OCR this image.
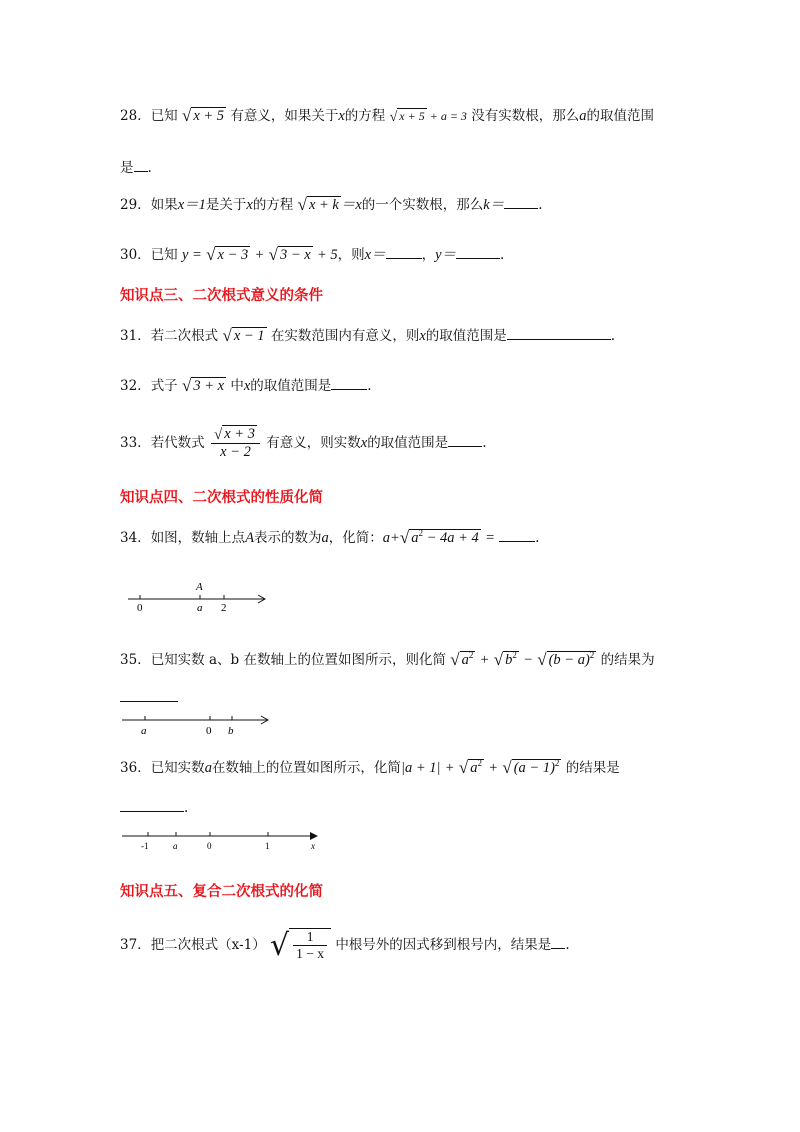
28．已知 √ x + 5 有意义，如果关于x的方程 √ x + 5 + a = 3 没有实数根，那么a的取值范围
是 .
29．如果x＝1是关于x的方程 √ x + k ＝x的一个实数根，那么k＝	.
30．已知 y = √ x − 3 + √ 3 − x + 5，则x＝	，y＝	.
知识点三、二次根式意义的条件
31．若二次根式 √ x − 1 在实数范围内有意义，则x的取值范围是	.
32．式子 √ 3 + x 中x的取值范围是	.
33．若代数式 $\frac{√ x + 3}{x - 2}$ 有意义，则实数x的取值范围是	.
知识点四、二次根式的性质化简
34．如图，数轴上点A表示的数为a，化简：a+√ $a^2 - 4a + 4$ =	.
A
0	a 2
35．已知实数 a、b 在数轴上的位置如图所示，则化简 √ $a^2$ + √ $b^2$ − √ $(b - a)^2$ 的结果为
a	0 b
36．已知实数a在数轴上的位置如图所示，化简|a + 1| + √ $a^2$ + √ $(a - 1)^2$ 的结果是
.
-1	a	0	1	x
知识点五、复合二次根式的化简
37．把二次根式（x-1） √ $\frac{1}{1 - x}$ 中根号外的因式移到根号内，结果是 .
